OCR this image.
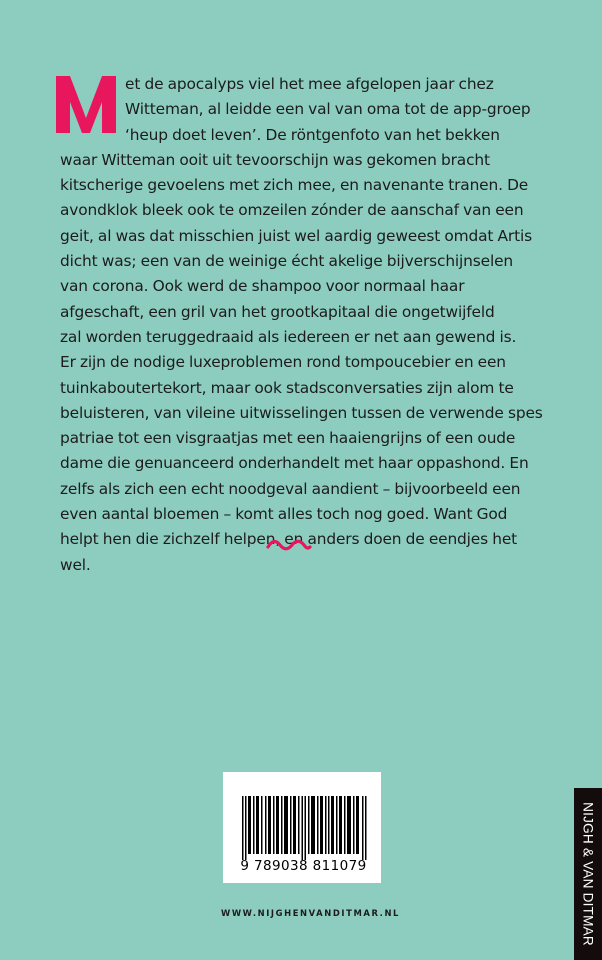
et de apocalyps viel het mee afgelopen jaar chez
Witteman, al leidde een val van oma tot de app-groep
‘heup doet leven’. De röntgenfoto van het bekken
waar Witteman ooit uit tevoorschijn was gekomen bracht
kitscherige gevoelens met zich mee, en navenante tranen. De
avondklok bleek ook te omzeilen zónder de aanschaf van een
geit, al was dat misschien juist wel aardig geweest omdat Artis
dicht was; een van de weinige écht akelige bijverschijnselen
van corona. Ook werd de shampoo voor normaal haar
afgeschaft, een gril van het grootkapitaal die ongetwijfeld
zal worden teruggedraaid als iedereen er net aan gewend is.
Er zijn de nodige luxeproblemen rond tompoucebier en een
tuinkaboutertekort, maar ook stadsconversaties zijn alom te
beluisteren, van vileine uitwisselingen tussen de verwende spes
patriae tot een visgraatjas met een haaiengrijns of een oude
dame die genuanceerd onderhandelt met haar oppashond. En
zelfs als zich een echt noodgeval aandient – bijvoorbeeld een
even aantal bloemen – komt alles toch nog goed. Want God
helpt hen die zichzelf helpen, en anders doen de eendjes het
wel.
9 789038 811079
WWW.NIJGHENVANDITMAR.NL	NIJGH & VAN DITMAR
